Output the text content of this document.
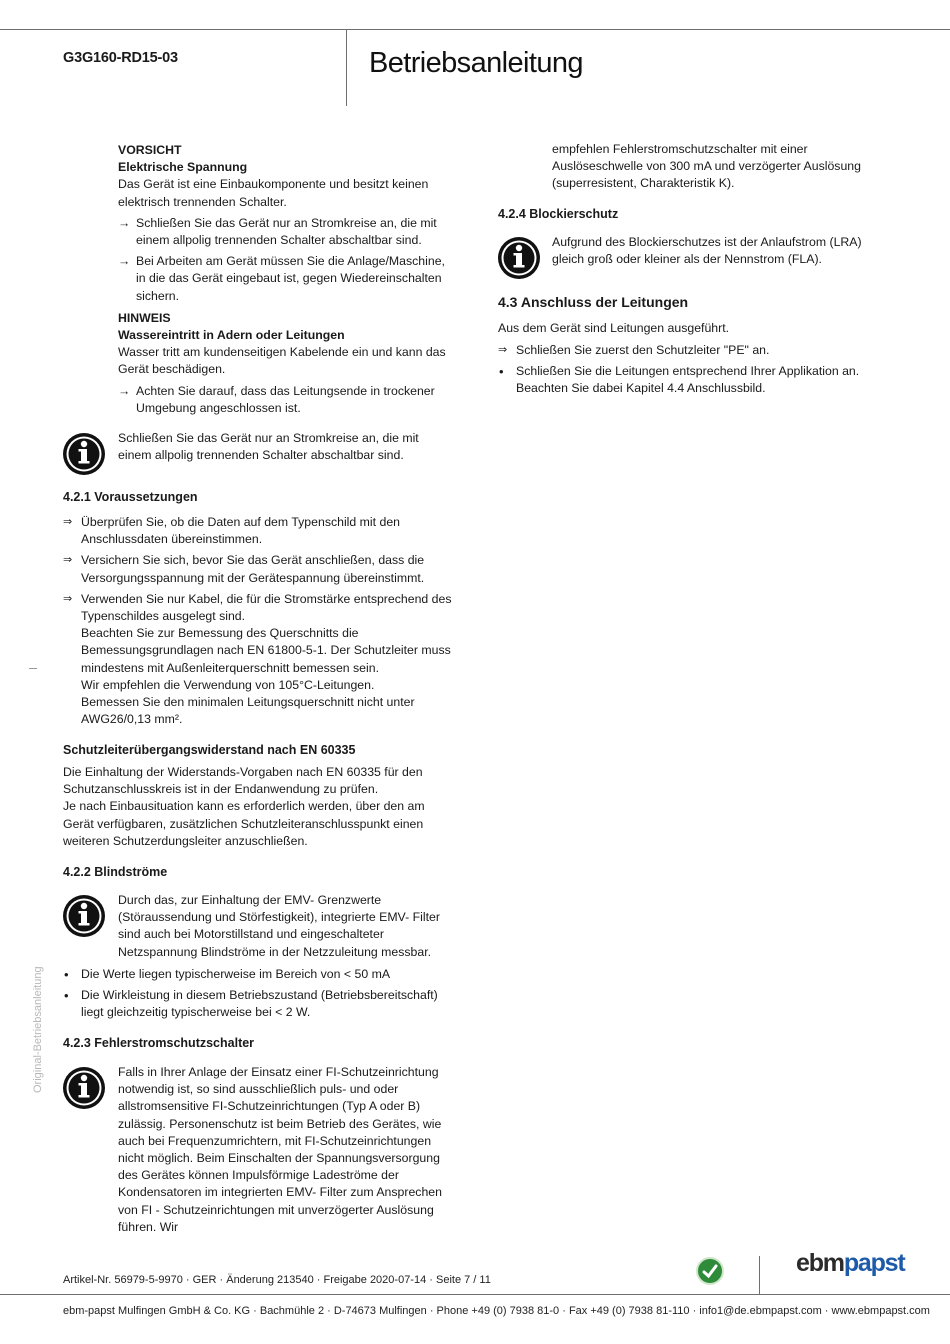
G3G160-RD15-03	Betriebsanleitung
Original-Betriebsanleitung
VORSICHT
Elektrische Spannung
Das Gerät ist eine Einbaukomponente und besitzt keinen elektrisch trennenden Schalter.
→ Schließen Sie das Gerät nur an Stromkreise an, die mit einem allpolig trennenden Schalter abschaltbar sind.
→ Bei Arbeiten am Gerät müssen Sie die Anlage/Maschine, in die das Gerät eingebaut ist, gegen Wiedereinschalten sichern.
HINWEIS
Wassereintritt in Adern oder Leitungen
Wasser tritt am kundenseitigen Kabelende ein und kann das Gerät beschädigen.
→ Achten Sie darauf, dass das Leitungsende in trockener Umgebung angeschlossen ist.
Schließen Sie das Gerät nur an Stromkreise an, die mit einem allpolig trennenden Schalter abschaltbar sind.
4.2.1 Voraussetzungen
⇒ Überprüfen Sie, ob die Daten auf dem Typenschild mit den Anschlussdaten übereinstimmen.
⇒ Versichern Sie sich, bevor Sie das Gerät anschließen, dass die Versorgungsspannung mit der Gerätespannung übereinstimmt.
⇒ Verwenden Sie nur Kabel, die für die Stromstärke entsprechend des Typenschildes ausgelegt sind.
Beachten Sie zur Bemessung des Querschnitts die Bemessungsgrundlagen nach EN 61800-5-1. Der Schutzleiter muss mindestens mit Außenleiterquerschnitt bemessen sein.
Wir empfehlen die Verwendung von 105°C-Leitungen. Bemessen Sie den minimalen Leitungsquerschnitt nicht unter AWG26/0,13 mm².
Schutzleiterübergangswiderstand nach EN 60335
Die Einhaltung der Widerstands-Vorgaben nach EN 60335 für den Schutzanschlusskreis ist in der Endanwendung zu prüfen.
Je nach Einbausituation kann es erforderlich werden, über den am Gerät verfügbaren, zusätzlichen Schutzleiteranschlusspunkt einen weiteren Schutzerdungsleiter anzuschließen.
4.2.2 Blindströme
Durch das, zur Einhaltung der EMV- Grenzwerte (Störaussendung und Störfestigkeit), integrierte EMV- Filter sind auch bei Motorstillstand und eingeschalteter Netzspannung Blindströme in der Netzzuleitung messbar.
• Die Werte liegen typischerweise im Bereich von < 50 mA
• Die Wirkleistung in diesem Betriebszustand (Betriebsbereitschaft) liegt gleichzeitig typischerweise bei < 2 W.
4.2.3 Fehlerstromschutzschalter
Falls in Ihrer Anlage der Einsatz einer FI-Schutzeinrichtung notwendig ist, so sind ausschließlich puls- und oder allstromsensitive FI-Schutzeinrichtungen (Typ A oder B) zulässig. Personenschutz ist beim Betrieb des Gerätes, wie auch bei Frequenzumrichtern, mit FI-Schutzeinrichtungen nicht möglich. Beim Einschalten der Spannungsversorgung des Gerätes können Impulsförmige Ladeströme der Kondensatoren im integrierten EMV- Filter zum Ansprechen von FI - Schutzeinrichtungen mit unverzögerter Auslösung führen. Wir
empfehlen Fehlerstromschutzschalter mit einer Auslöseschwelle von 300 mA und verzögerter Auslösung (superresistent, Charakteristik K).
4.2.4 Blockierschutz
Aufgrund des Blockierschutzes ist der Anlaufstrom (LRA) gleich groß oder kleiner als der Nennstrom (FLA).
4.3 Anschluss der Leitungen
Aus dem Gerät sind Leitungen ausgeführt.
⇒ Schließen Sie zuerst den Schutzleiter "PE" an.
• Schließen Sie die Leitungen entsprechend Ihrer Applikation an. Beachten Sie dabei Kapitel 4.4 Anschlussbild.
Artikel-Nr. 56979-5-9970 · GER · Änderung 213540 · Freigabe 2020-07-14 · Seite 7 / 11
ebmpapst
ebm-papst Mulfingen GmbH & Co. KG · Bachmühle 2 · D-74673 Mulfingen · Phone +49 (0) 7938 81-0 · Fax +49 (0) 7938 81-110 · info1@de.ebmpapst.com · www.ebmpapst.com
